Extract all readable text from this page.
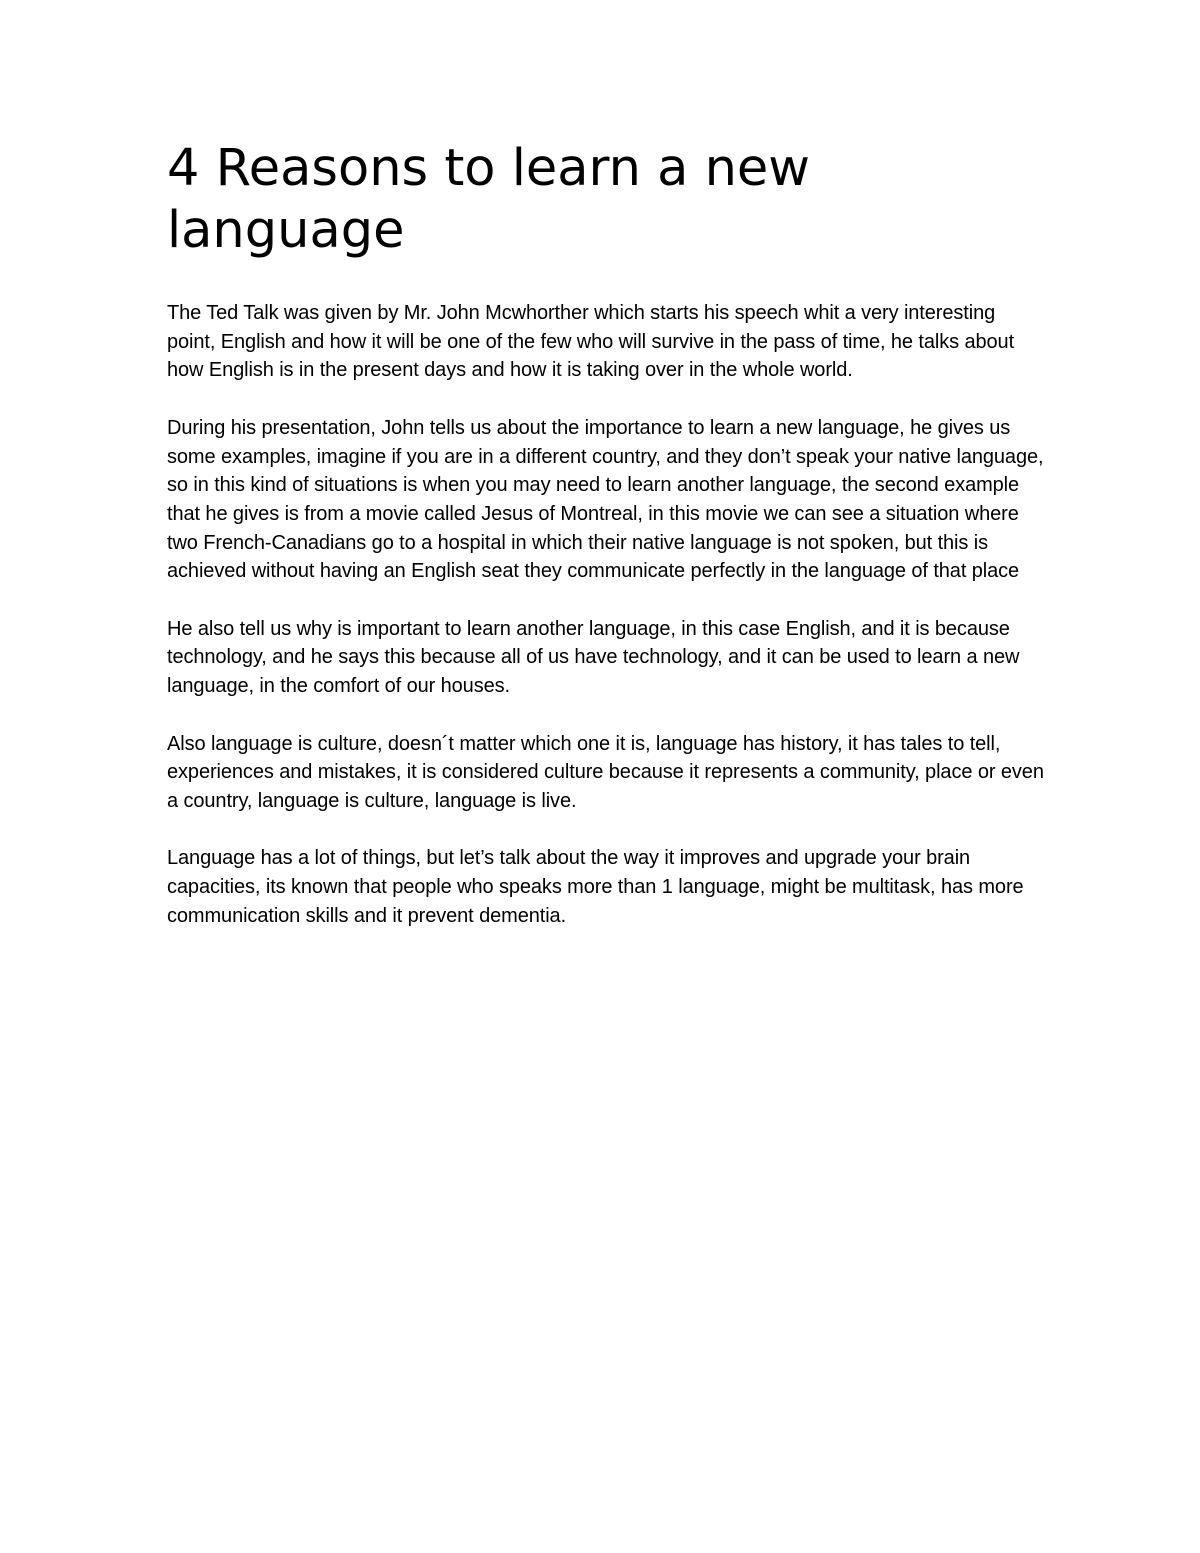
4 Reasons to learn a new language

The Ted Talk was given by Mr. John Mcwhorther which starts his speech whit a very interesting point, English and how it will be one of the few who will survive in the pass of time, he talks about how English is in the present days and how it is taking over in the whole world.

During his presentation, John tells us about the importance to learn a new language, he gives us some examples, imagine if you are in a different country, and they don’t speak your native language, so in this kind of situations is when you may need to learn another language, the second example that he gives is from a movie called Jesus of Montreal, in this movie we can see a situation where two French-Canadians go to a hospital in which their native language is not spoken, but this is achieved without having an English seat they communicate perfectly in the language of that place

He also tell us why is important to learn another language, in this case English, and it is because technology, and he says this because all of us have technology, and it can be used to learn a new language, in the comfort of our houses.

Also language is culture, doesn´t matter which one it is, language has history, it has tales to tell, experiences and mistakes, it is considered culture because it represents a community, place or even a country, language is culture, language is live.

Language has a lot of things, but let’s talk about the way it improves and upgrade your brain capacities, its known that people who speaks more than 1 language, might be multitask, has more communication skills and it prevent dementia.
